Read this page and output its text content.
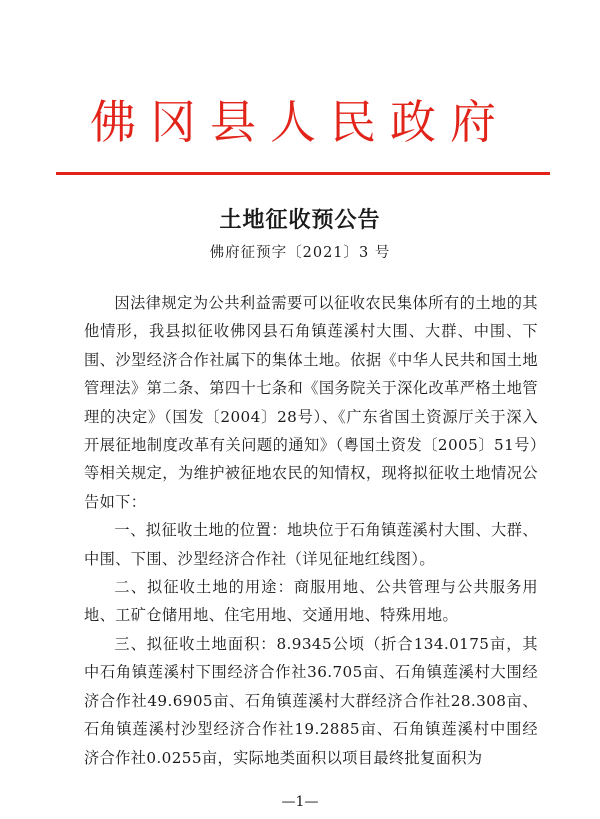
佛冈县人民政府
土地征收预公告
佛府征预字〔2021〕3 号

因法律规定为公共利益需要可以征收农民集体所有的土地的其他情形，我县拟征收佛冈县石角镇莲溪村大围、大群、中围、下围、沙𡋾经济合作社属下的集体土地。依据《中华人民共和国土地管理法》第二条、第四十七条和《国务院关于深化改革严格土地管理的决定》（国发〔2004〕28号）、《广东省国土资源厅关于深入开展征地制度改革有关问题的通知》（粤国土资发〔2005〕51号）等相关规定，为维护被征地农民的知情权，现将拟征收土地情况公告如下：

一、拟征收土地的位置：地块位于石角镇莲溪村大围、大群、中围、下围、沙𡋾经济合作社（详见征地红线图）。

二、拟征收土地的用途：商服用地、公共管理与公共服务用地、工矿仓储用地、住宅用地、交通用地、特殊用地。

三、拟征收土地面积：8.9345公顷（折合134.0175亩，其中石角镇莲溪村下围经济合作社36.705亩、石角镇莲溪村大围经济合作社49.6905亩、石角镇莲溪村大群经济合作社28.308亩、石角镇莲溪村沙𡋾经济合作社19.2885亩、石角镇莲溪村中围经济合作社0.0255亩，实际地类面积以项目最终批复面积为

—1—
